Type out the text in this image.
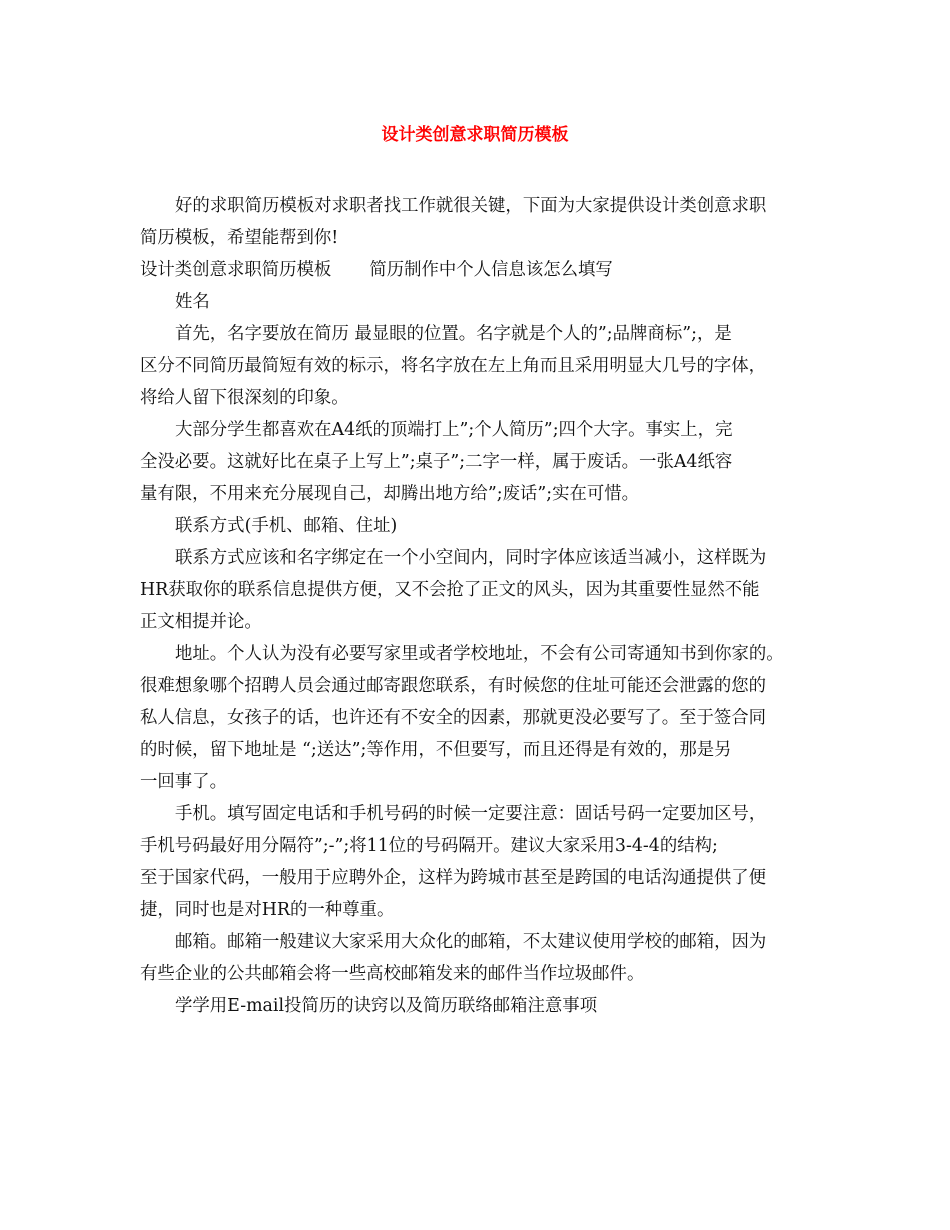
设计类创意求职简历模板
好的求职简历模板对求职者找工作就很关键，下面为大家提供设计类创意求职
简历模板，希望能帮到你!
设计类创意求职简历模板 简历制作中个人信息该怎么填写
姓名
首先，名字要放在简历 最显眼的位置。名字就是个人的”;品牌商标”;，是
区分不同简历最简短有效的标示，将名字放在左上角而且采用明显大几号的字体，
将给人留下很深刻的印象。
大部分学生都喜欢在A4纸的顶端打上”;个人简历”;四个大字。事实上，完
全没必要。这就好比在桌子上写上”;桌子”;二字一样，属于废话。一张A4纸容
量有限，不用来充分展现自己，却腾出地方给”;废话”;实在可惜。
联系方式(手机、邮箱、住址)
联系方式应该和名字绑定在一个小空间内，同时字体应该适当减小，这样既为
HR获取你的联系信息提供方便，又不会抢了正文的风头，因为其重要性显然不能
正文相提并论。
地址。个人认为没有必要写家里或者学校地址，不会有公司寄通知书到你家的。
很难想象哪个招聘人员会通过邮寄跟您联系，有时候您的住址可能还会泄露的您的
私人信息，女孩子的话，也许还有不安全的因素，那就更没必要写了。至于签合同
的时候，留下地址是 “;送达”;等作用，不但要写，而且还得是有效的，那是另
一回事了。
手机。填写固定电话和手机号码的时候一定要注意：固话号码一定要加区号，
手机号码最好用分隔符”;-”;将11位的号码隔开。建议大家采用3-4-4的结构;
至于国家代码，一般用于应聘外企，这样为跨城市甚至是跨国的电话沟通提供了便
捷，同时也是对HR的一种尊重。
邮箱。邮箱一般建议大家采用大众化的邮箱，不太建议使用学校的邮箱，因为
有些企业的公共邮箱会将一些高校邮箱发来的邮件当作垃圾邮件。
学学用E-mail投简历的诀窍以及简历联络邮箱注意事项
